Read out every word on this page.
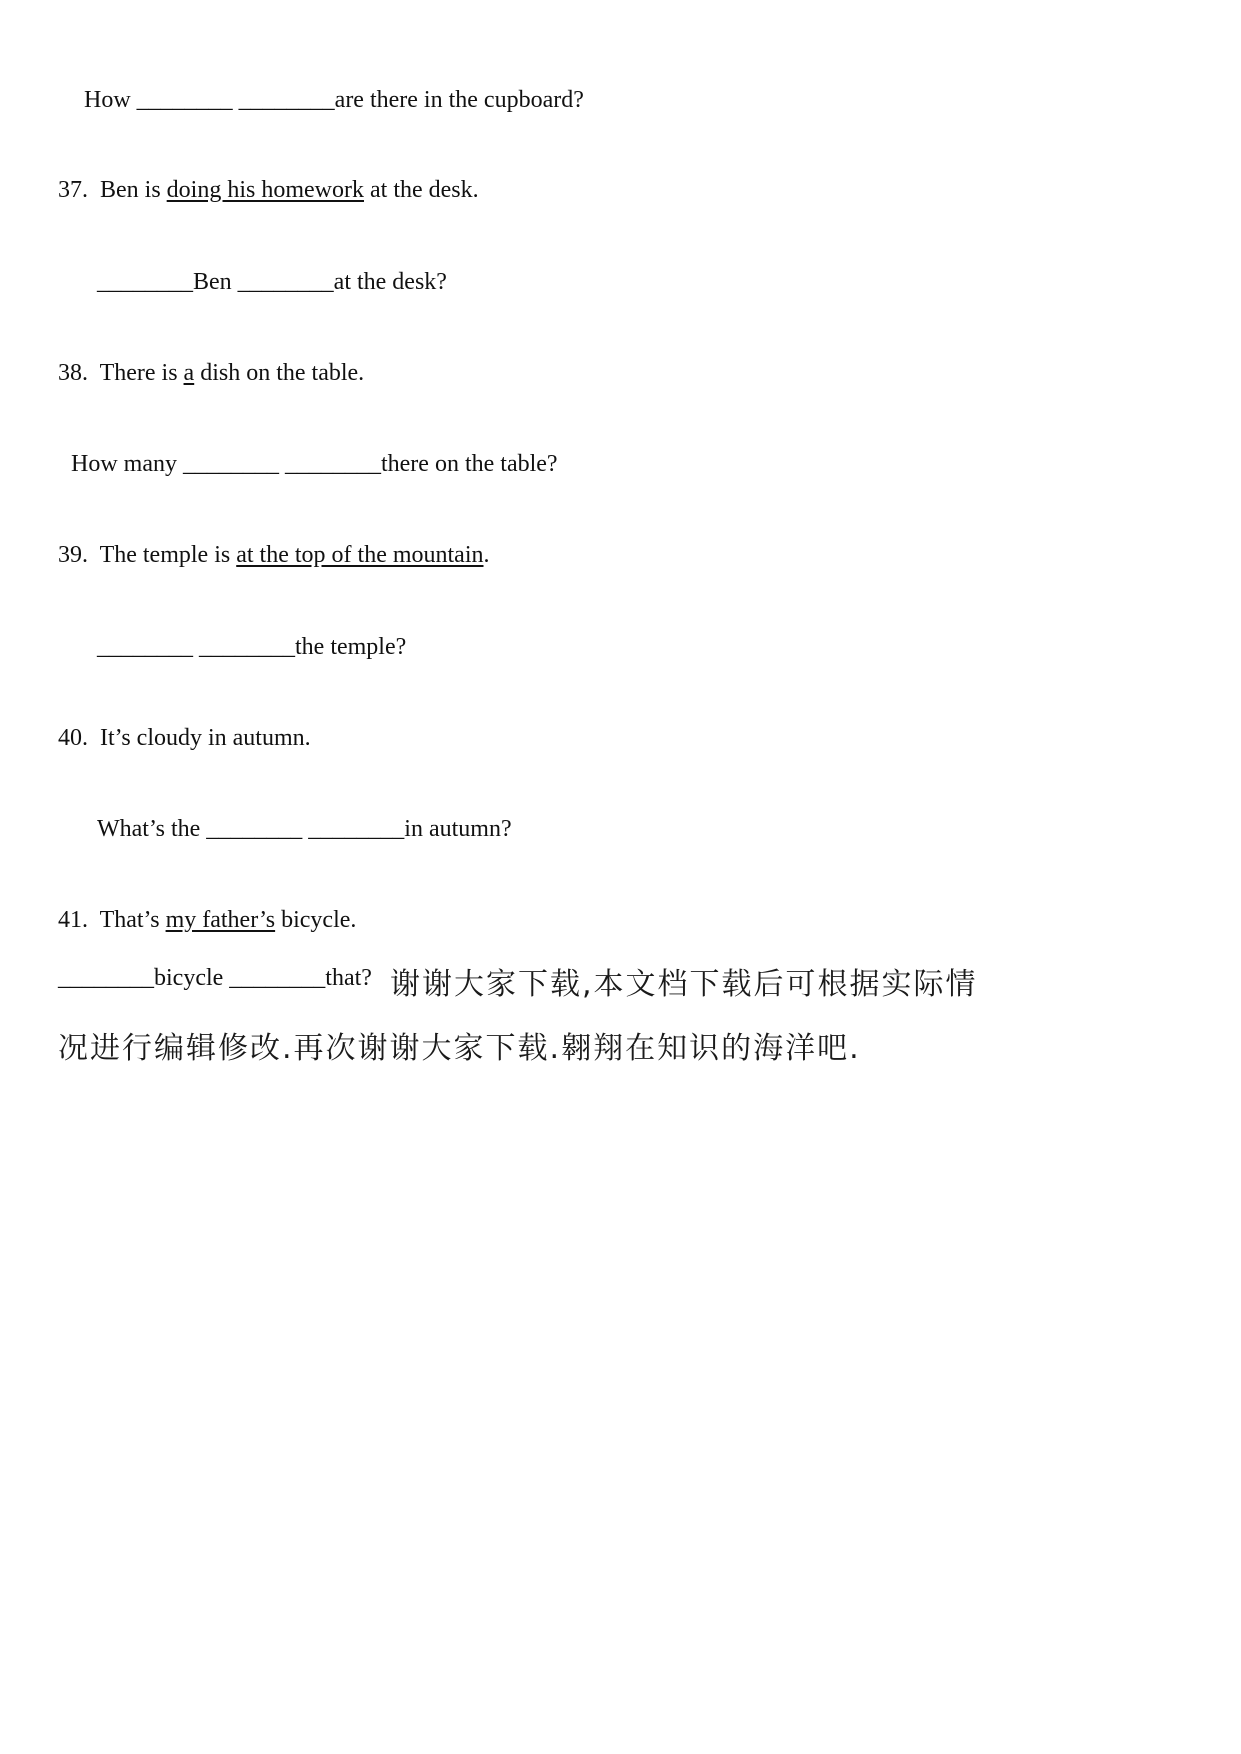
How ________ ________are there in the cupboard?
37. Ben is doing his homework at the desk.
________Ben ________at the desk?
38. There is a dish on the table.
How many ________ ________there on the table?
39. The temple is at the top of the mountain.
________ ________the temple?
40. It’s cloudy in autumn.
What’s the ________ ________in autumn?
41. That’s my father’s bicycle.
________bicycle ________that? 谢谢大家下载,本文档下载后可根据实际情
况进行编辑修改.再次谢谢大家下载.翱翔在知识的海洋吧.
